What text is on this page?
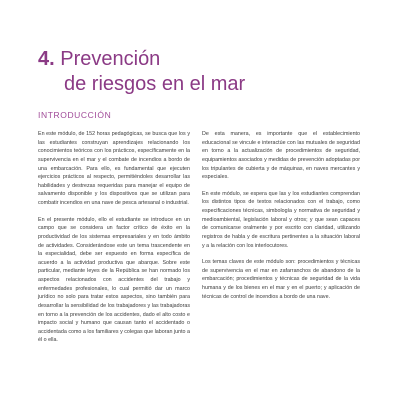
4. Prevención
de riesgos en el mar
INTRODUCCIÓN

En este módulo, de 152 horas pedagógicas, se busca que los y las estudiantes construyan aprendizajes relacionando los conocimientos teóricos con los prácticos, específicamente en la supervivencia en el mar y el combate de incendios a bordo de una embarcación. Para ello, es fundamental que ejecuten ejercicios prácticos al respecto, permitiéndoles desarrollar las habilidades y destrezas requeridas para manejar el equipo de salvamento disponible y los dispositivos que se utilizan para combatir incendios en una nave de pesca artesanal o industrial.

En el presente módulo, ello el estudiante se introduce en un campo que se considera un factor crítico de éxito en la productividad de los sistemas empresariales y en todo ámbito de actividades. Considerándose este un tema trascendente en la especialidad, debe ser expuesto en forma específica de acuerdo a la actividad productiva que abarque. Sobre este particular, mediante leyes de la República se han normado los aspectos relacionados con accidentes del trabajo y enfermedades profesionales, lo cual permitió dar un marco jurídico no solo para tratar estos aspectos, sino también para desarrollar la sensibilidad de los trabajadores y las trabajadoras en torno a la prevención de los accidentes, dado el alto costo e impacto social y humano que causan tanto el accidentado o accidentada como a los familiares y colegas que laboran junto a él o ella.

De esta manera, es importante que el establecimiento educacional se vincule e interactúe con las mutuales de seguridad en torno a la actualización de procedimientos de seguridad, equipamientos asociados y medidas de prevención adoptadas por los tripulantes de cubierta y de máquinas, en naves mercantes y especiales.

En este módulo, se espera que las y los estudiantes comprendan los distintos tipos de textos relacionados con el trabajo, como especificaciones técnicas, simbología y normativa de seguridad y medioambiental, legislación laboral y otros; y que sean capaces de comunicarse oralmente y por escrito con claridad, utilizando registros de habla y de escritura pertinentes a la situación laboral y a la relación con los interlocutores.

Los temas claves de este módulo son: procedimientos y técnicas de supervivencia en el mar en zafarranchos de abandono de la embarcación; procedimientos y técnicas de seguridad de la vida humana y de los bienes en el mar y en el puerto; y aplicación de técnicas de control de incendios a bordo de una nave.
